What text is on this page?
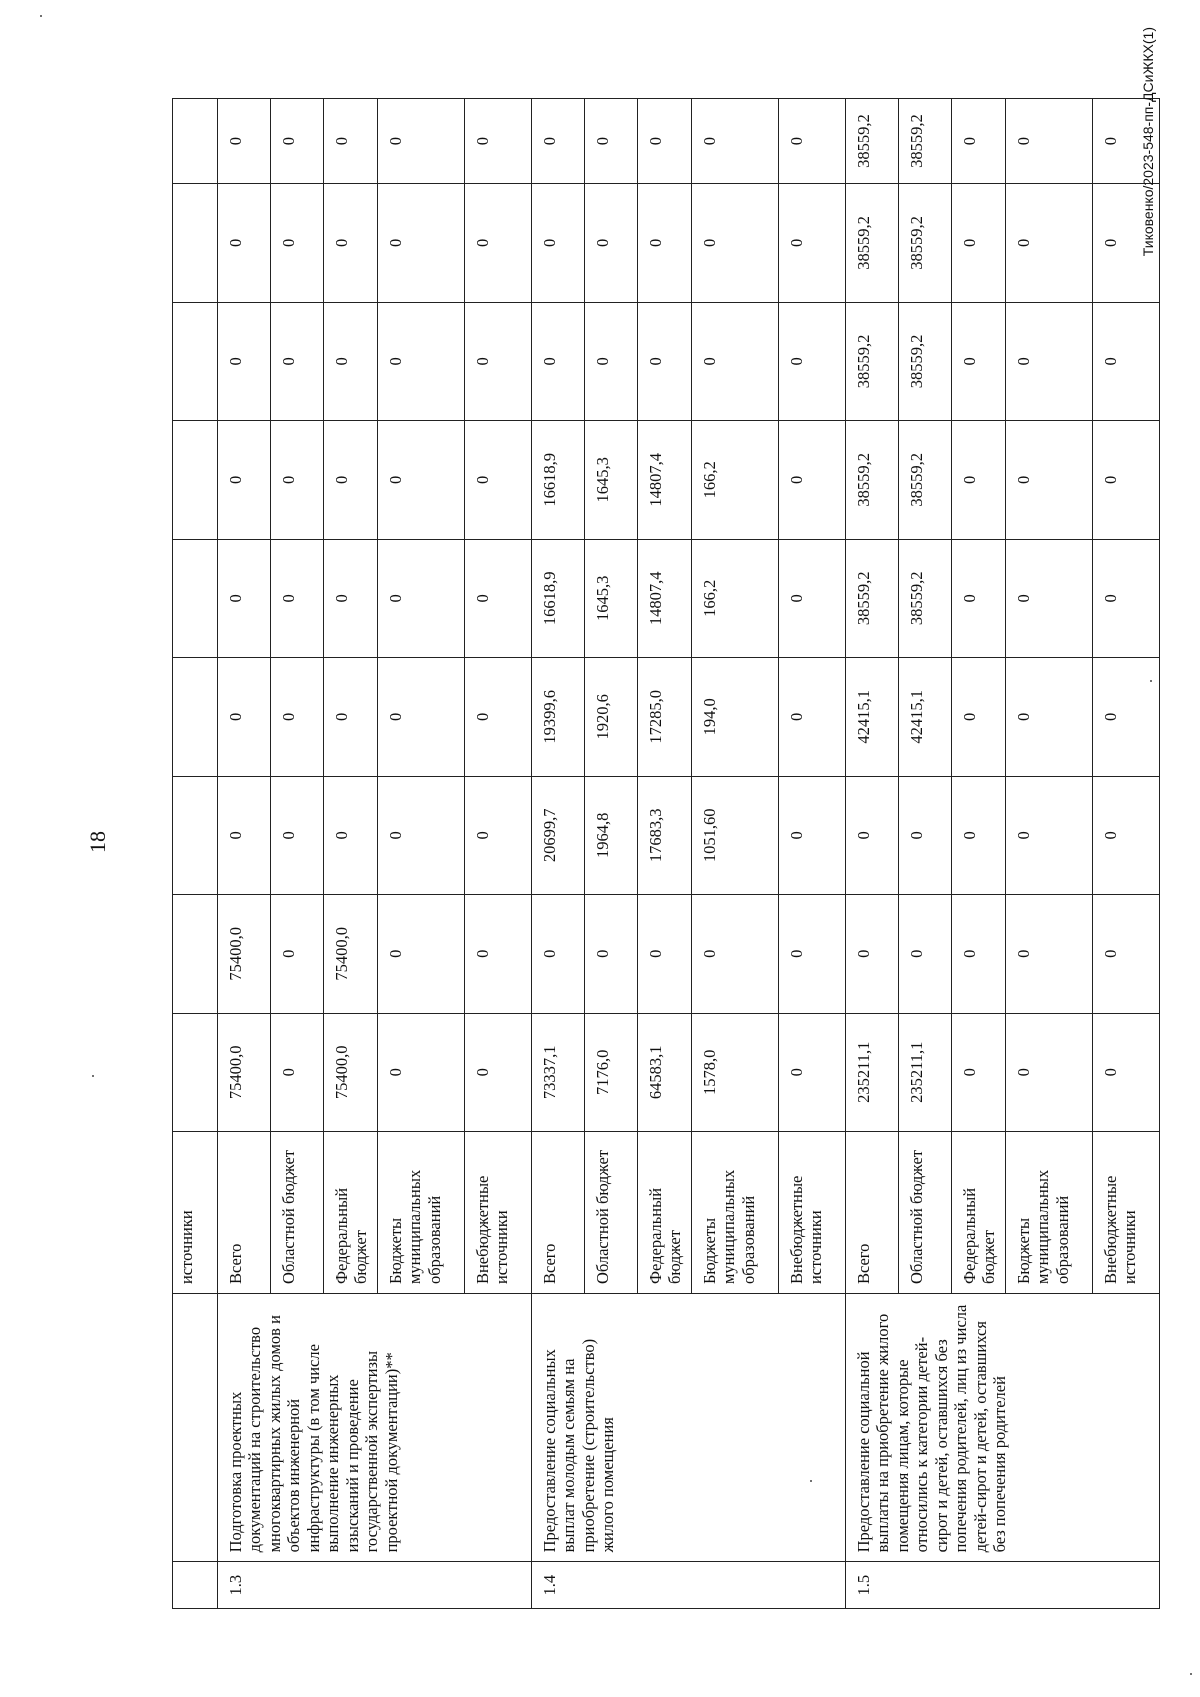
18
		источники									
1.3	Подготовка проектных документаций на строительство многоквартирных жилых домов и объектов инженерной инфраструктуры (в том числе выполнение инженерных изысканий и проведение государственной экспертизы проектной документации)**	Всего	75400,0	75400,0	0	0	0	0	0	0	0
		Областной бюджет	0	0	0	0	0	0	0	0	0
		Федеральный бюджет	75400,0	75400,0	0	0	0	0	0	0	0
		Бюджеты муниципальных образований	0	0	0	0	0	0	0	0	0
		Внебюджетные источники	0	0	0	0	0	0	0	0	0
1.4	Предоставление социальных выплат молодым семьям на приобретение (строительство) жилого помещения	Всего	73337,1	0	20699,7	19399,6	16618,9	16618,9	0	0	0
		Областной бюджет	7176,0	0	1964,8	1920,6	1645,3	1645,3	0	0	0
		Федеральный бюджет	64583,1	0	17683,3	17285,0	14807,4	14807,4	0	0	0
		Бюджеты муниципальных образований	1578,0	0	1051,60	194,0	166,2	166,2	0	0	0
		Внебюджетные источники	0	0	0	0	0	0	0	0	0
1.5	Предоставление социальной выплаты на приобретение жилого помещения лицам, которые относились к категории детей-сирот и детей, оставшихся без попечения родителей, лиц из числа детей-сирот и детей, оставшихся без попечения родителей	Всего	235211,1	0	0	42415,1	38559,2	38559,2	38559,2	38559,2	38559,2
		Областной бюджет	235211,1	0	0	42415,1	38559,2	38559,2	38559,2	38559,2	38559,2
		Федеральный бюджет	0	0	0	0	0	0	0	0	0
		Бюджеты муниципальных образований	0	0	0	0	0	0	0	0	0
		Внебюджетные источники	0	0	0	0	0	0	0	0	0 Тиковенко/2023-548-пп-ДСиЖКХ(1)
